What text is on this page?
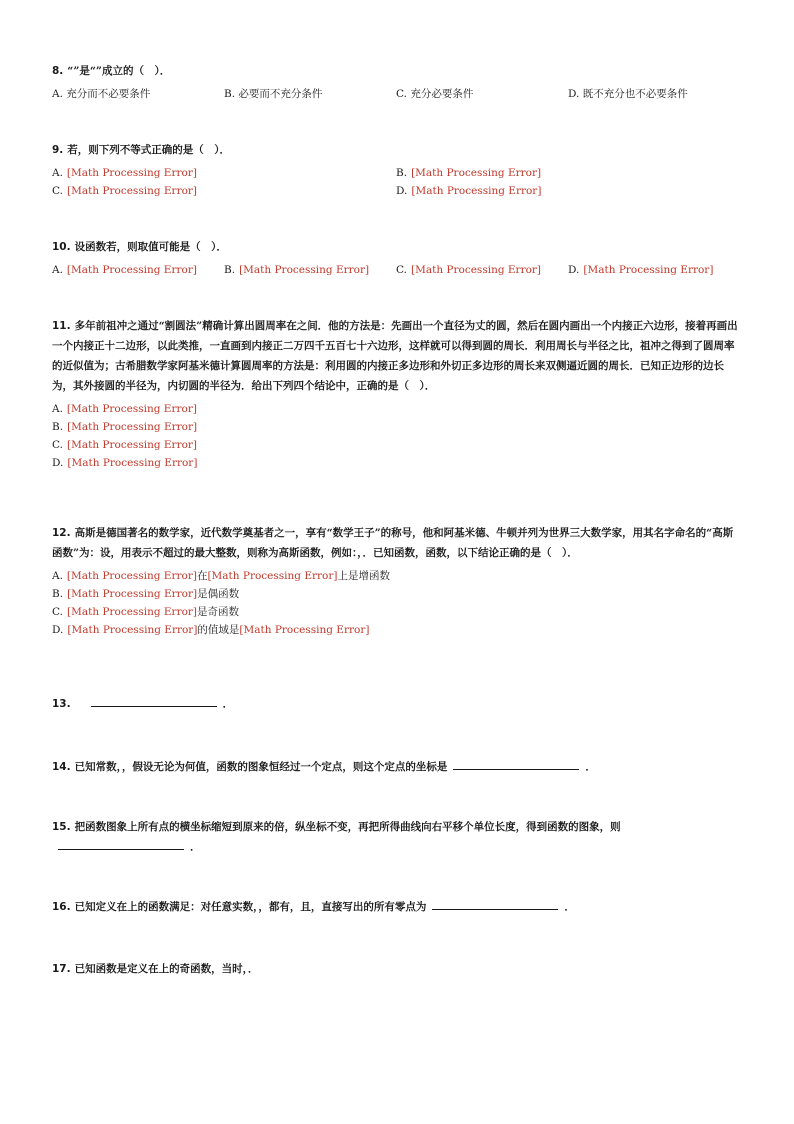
8. “”是“”成立的（　）．
A. 充分而不必要条件	B. 必要而不充分条件	C. 充分必要条件	D. 既不充分也不必要条件
9. 若，则下列不等式正确的是（　）．
A. [Math Processing Error]	B. [Math Processing Error]
C. [Math Processing Error]	D. [Math Processing Error]
10. 设函数若，则取值可能是（　）．
A. [Math Processing Error]	B. [Math Processing Error]	C. [Math Processing Error]	D. [Math Processing Error]
11. 多年前祖冲之通过“割圆法”精确计算出圆周率在之间．他的方法是：先画出一个直径为丈的圆，然后在圆内画出一个内接正六边形，接着再画出一个内接正十二边形，以此类推，一直画到内接正二万四千五百七十六边形，这样就可以得到圆的周长．利用周长与半径之比，祖冲之得到了圆周率的近似值为；古希腊数学家阿基米德计算圆周率的方法是：利用圆的内接正多边形和外切正多边形的周长来双侧逼近圆的周长．已知正边形的边长为，其外接圆的半径为，内切圆的半径为．给出下列四个结论中，正确的是（　）．
A. [Math Processing Error]
B. [Math Processing Error]
C. [Math Processing Error]
D. [Math Processing Error]
12. 高斯是德国著名的数学家，近代数学奠基者之一，享有“数学王子”的称号，他和阿基米德、牛顿并列为世界三大数学家，用其名字命名的“高斯函数”为：设，用表示不超过的最大整数，则称为高斯函数，例如：，．已知函数，函数，以下结论正确的是（　）．
A. [Math Processing Error]在[Math Processing Error]上是增函数
B. [Math Processing Error]是偶函数
C. [Math Processing Error]是奇函数
D. [Math Processing Error]的值域是[Math Processing Error]
13.	．
14. 已知常数，，假设无论为何值，函数的图象恒经过一个定点，则这个定点的坐标是	．
15. 把函数图象上所有点的横坐标缩短到原来的倍，纵坐标不变，再把所得曲线向右平移个单位长度，得到函数的图象，则．
16. 已知定义在上的函数满足：对任意实数，，都有，且，直接写出的所有零点为	．
17. 已知函数是定义在上的奇函数，当时，．
